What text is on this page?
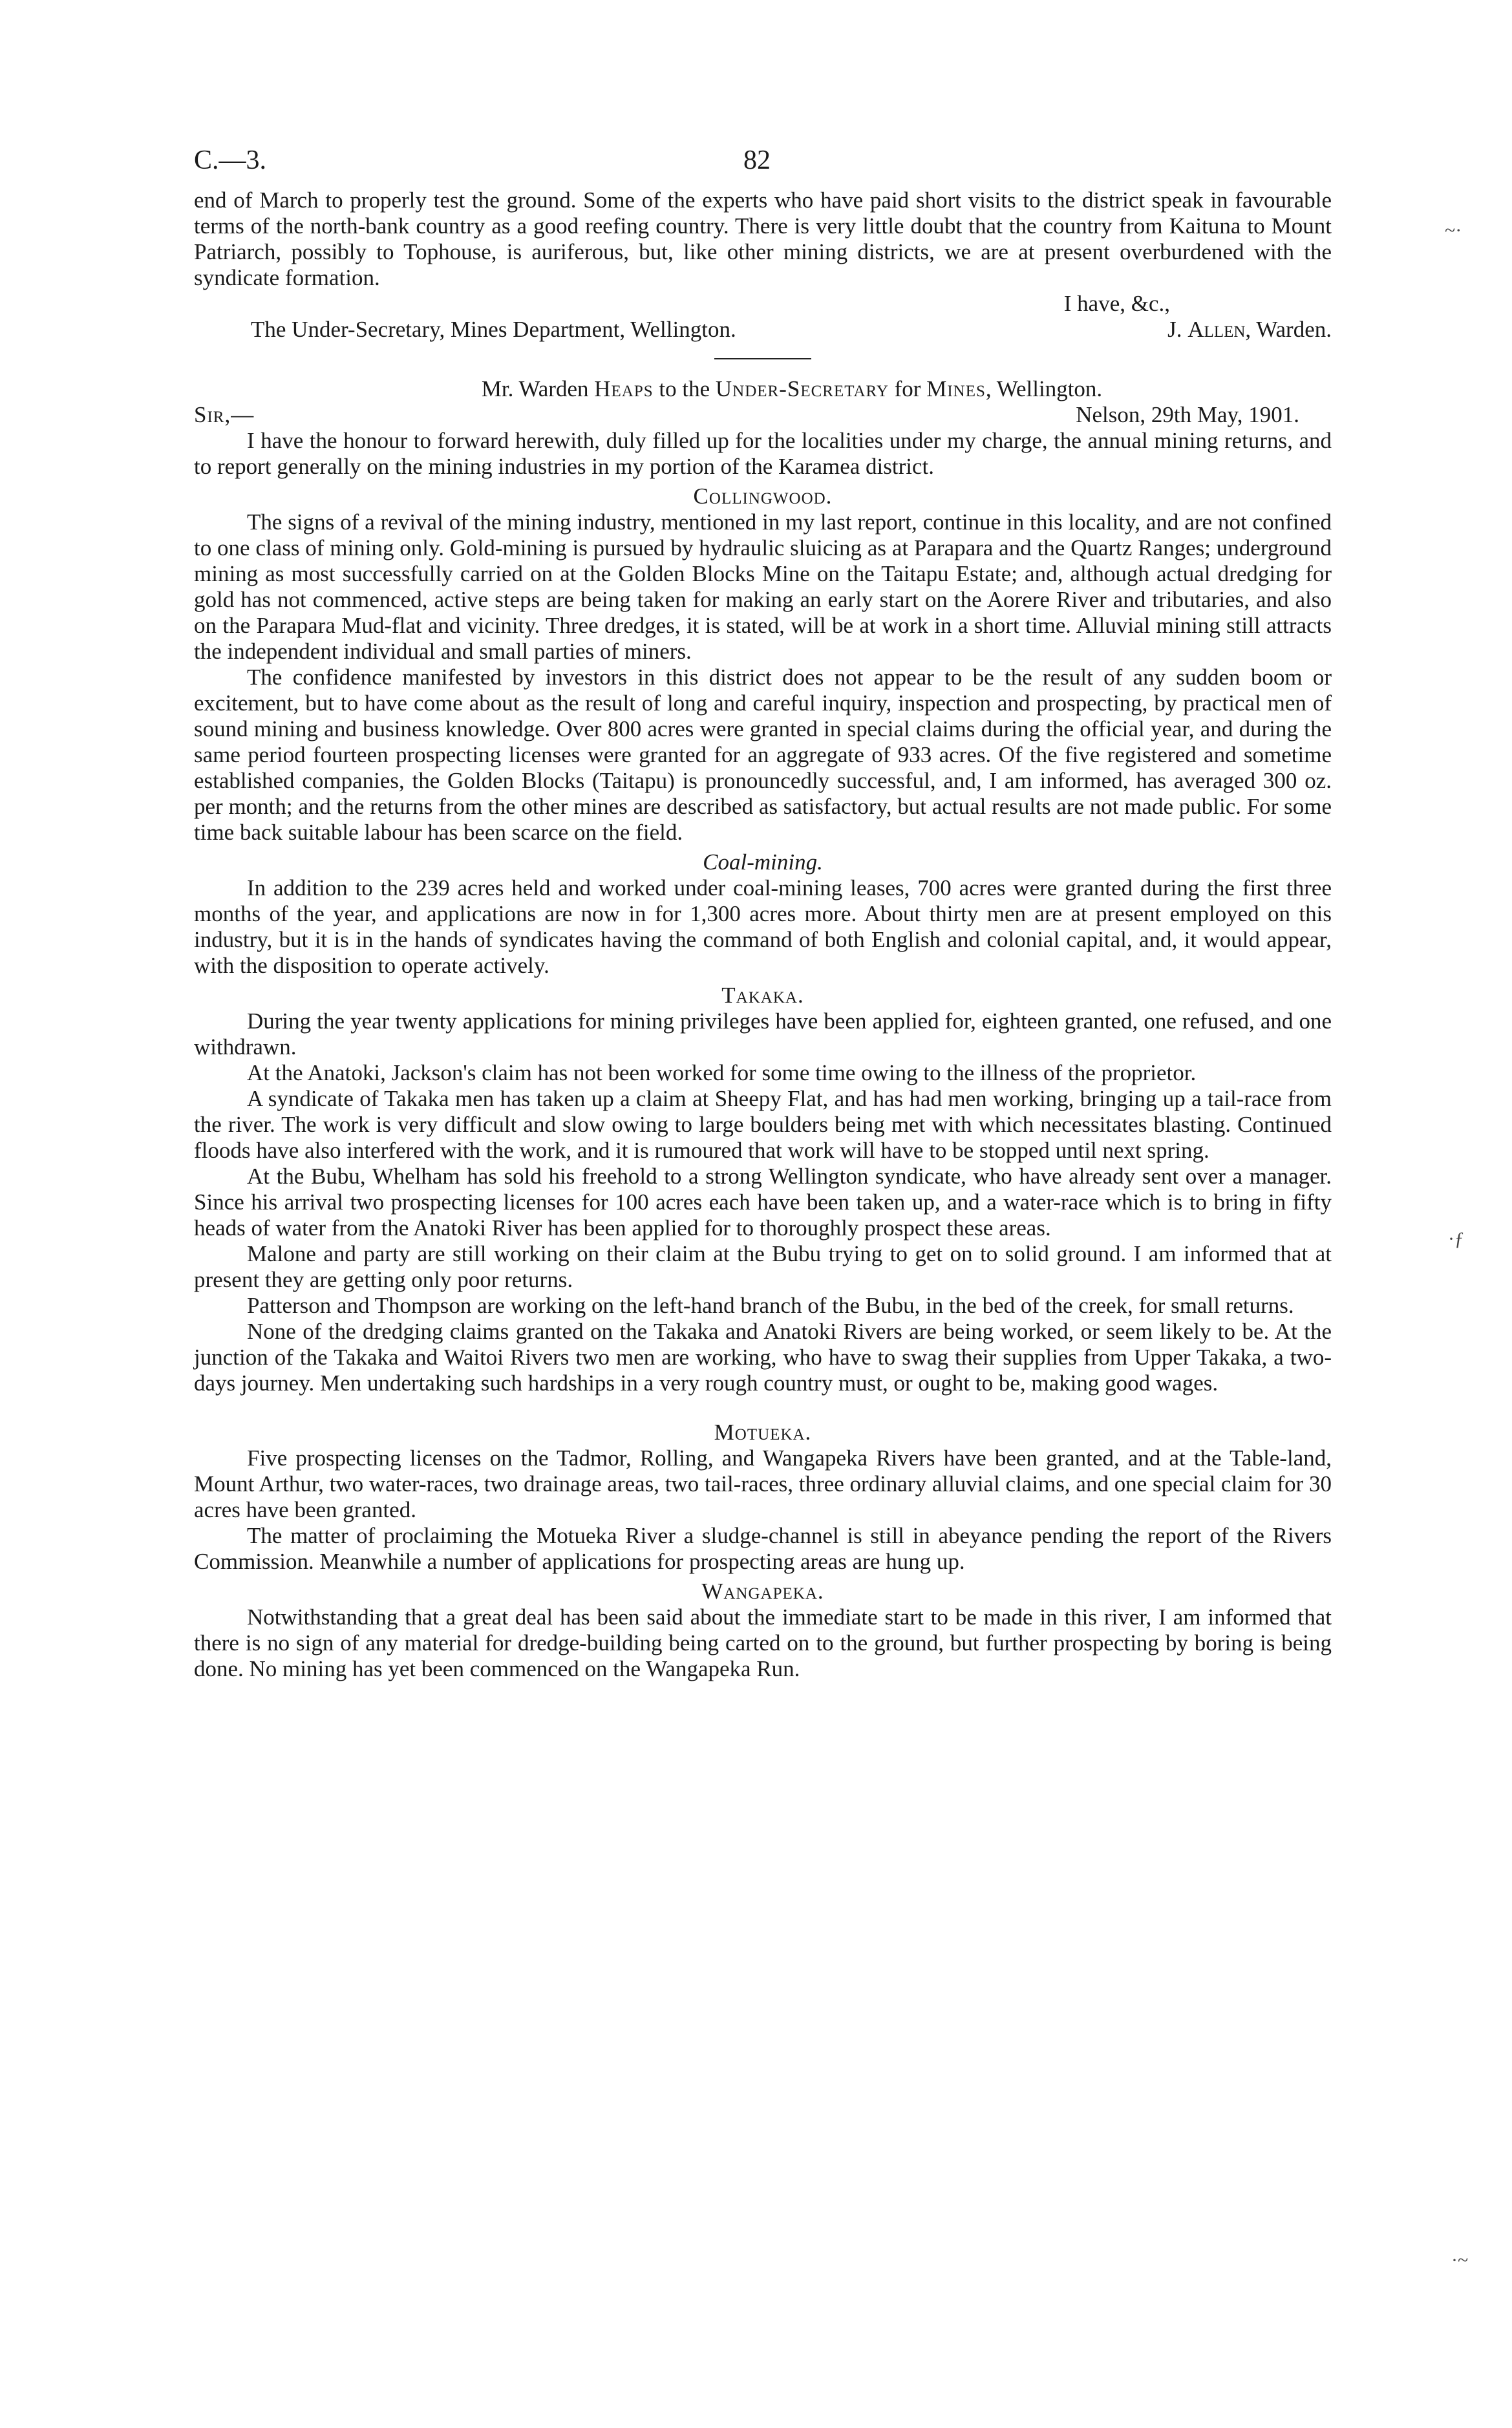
~·
·ƒ
·~
C.—3.	82

end of March to properly test the ground. Some of the experts who have paid short visits to the district speak in favourable terms of the north-bank country as a good reefing country. There is very little doubt that the country from Kaituna to Mount Patriarch, possibly to Tophouse, is auriferous, but, like other mining districts, we are at present overburdened with the syndicate formation.

I have, &c.,
The Under-Secretary, Mines Department, Wellington.	J. Allen, Warden.
Mr. Warden Heaps to the Under-Secretary for Mines, Wellington.
Sir,—	Nelson, 29th May, 1901.

I have the honour to forward herewith, duly filled up for the localities under my charge, the annual mining returns, and to report generally on the mining industries in my portion of the Karamea district.

Collingwood.

The signs of a revival of the mining industry, mentioned in my last report, continue in this locality, and are not confined to one class of mining only. Gold-mining is pursued by hydraulic sluicing as at Parapara and the Quartz Ranges; underground mining as most successfully carried on at the Golden Blocks Mine on the Taitapu Estate; and, although actual dredging for gold has not commenced, active steps are being taken for making an early start on the Aorere River and tributaries, and also on the Parapara Mud-flat and vicinity. Three dredges, it is stated, will be at work in a short time. Alluvial mining still attracts the independent individual and small parties of miners.

The confidence manifested by investors in this district does not appear to be the result of any sudden boom or excitement, but to have come about as the result of long and careful inquiry, inspection and prospecting, by practical men of sound mining and business knowledge. Over 800 acres were granted in special claims during the official year, and during the same period fourteen prospecting licenses were granted for an aggregate of 933 acres. Of the five registered and sometime established companies, the Golden Blocks (Taitapu) is pronouncedly successful, and, I am informed, has averaged 300 oz. per month; and the returns from the other mines are described as satisfactory, but actual results are not made public. For some time back suitable labour has been scarce on the field.

Coal-mining.

In addition to the 239 acres held and worked under coal-mining leases, 700 acres were granted during the first three months of the year, and applications are now in for 1,300 acres more. About thirty men are at present employed on this industry, but it is in the hands of syndicates having the command of both English and colonial capital, and, it would appear, with the disposition to operate actively.

Takaka.

During the year twenty applications for mining privileges have been applied for, eighteen granted, one refused, and one withdrawn.

At the Anatoki, Jackson's claim has not been worked for some time owing to the illness of the proprietor.

A syndicate of Takaka men has taken up a claim at Sheepy Flat, and has had men working, bringing up a tail-race from the river. The work is very difficult and slow owing to large boulders being met with which necessitates blasting. Continued floods have also interfered with the work, and it is rumoured that work will have to be stopped until next spring.

At the Bubu, Whelham has sold his freehold to a strong Wellington syndicate, who have already sent over a manager. Since his arrival two prospecting licenses for 100 acres each have been taken up, and a water-race which is to bring in fifty heads of water from the Anatoki River has been applied for to thoroughly prospect these areas.

Malone and party are still working on their claim at the Bubu trying to get on to solid ground. I am informed that at present they are getting only poor returns.

Patterson and Thompson are working on the left-hand branch of the Bubu, in the bed of the creek, for small returns.

None of the dredging claims granted on the Takaka and Anatoki Rivers are being worked, or seem likely to be. At the junction of the Takaka and Waitoi Rivers two men are working, who have to swag their supplies from Upper Takaka, a two-days journey. Men undertaking such hardships in a very rough country must, or ought to be, making good wages.

Motueka.

Five prospecting licenses on the Tadmor, Rolling, and Wangapeka Rivers have been granted, and at the Table-land, Mount Arthur, two water-races, two drainage areas, two tail-races, three ordinary alluvial claims, and one special claim for 30 acres have been granted.

The matter of proclaiming the Motueka River a sludge-channel is still in abeyance pending the report of the Rivers Commission. Meanwhile a number of applications for prospecting areas are hung up.

Wangapeka.

Notwithstanding that a great deal has been said about the immediate start to be made in this river, I am informed that there is no sign of any material for dredge-building being carted on to the ground, but further prospecting by boring is being done. No mining has yet been commenced on the Wangapeka Run.
